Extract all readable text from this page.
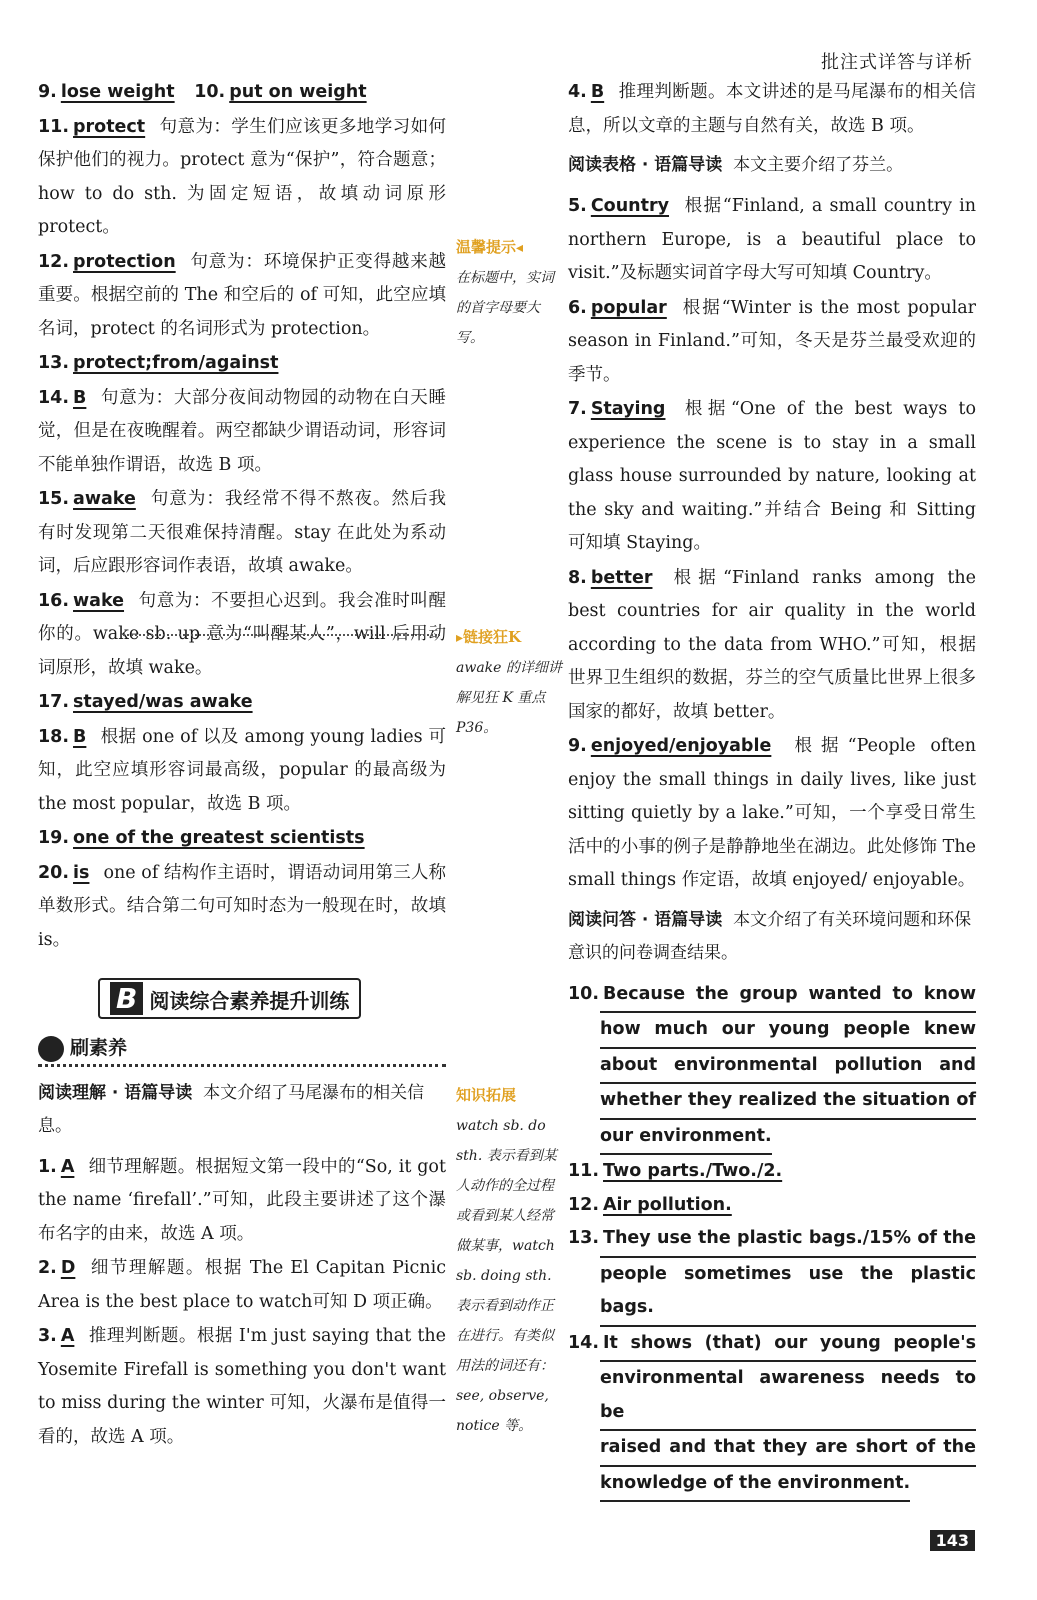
批注式详答与详析
9. lose weight 10. put on weight
11. protect 句意为：学生们应该更多地学习如何保护他们的视力。protect 意为“保护”，符合题意；how to do sth. 为固定短语，故填动词原形 protect。
12. protection 句意为：环境保护正变得越来越重要。根据空前的 The 和空后的 of 可知，此空应填名词，protect 的名词形式为 protection。
13. protect;from/against
14. B 句意为：大部分夜间动物园的动物在白天睡觉，但是在夜晚醒着。两空都缺少谓语动词，形容词不能单独作谓语，故选 B 项。
15. awake 句意为：我经常不得不熬夜。然后我有时发现第二天很难保持清醒。stay 在此处为系动词，后应跟形容词作表语，故填 awake。
16. wake 句意为：不要担心迟到。我会准时叫醒你的。wake sb. up 意为“叫醒某人”，will 后用动词原形，故填 wake。
17. stayed/was awake
18. B 根据 one of 以及 among young ladies 可知，此空应填形容词最高级，popular 的最高级为 the most popular，故选 B 项。
19. one of the greatest scientists
20. is one of 结构作主语时，谓语动词用第三人称单数形式。结合第二句可知时态为一般现在时，故填 is。
B 阅读综合素养提升训练
刷素养
阅读理解 · 语篇导读 本文介绍了马尾瀑布的相关信息。
1. A 细节理解题。根据短文第一段中的“So, it got the name ‘firefall’.”可知，此段主要讲述了这个瀑布名字的由来，故选 A 项。
2. D 细节理解题。根据 The El Capitan Picnic Area is the best place to watch可知 D 项正确。
3. A 推理判断题。根据 I'm just saying that the Yosemite Firefall is something you don't want to miss during the winter 可知，火瀑布是值得一看的，故选 A 项。
温馨提示◂
在标题中，实词的首字母要大写。
▸链接狂K
awake 的详细讲解见狂 K 重点 P36。
知识拓展
watch sb. do sth. 表示看到某人动作的全过程或看到某人经常做某事，watch sb. doing sth. 表示看到动作正在进行。有类似用法的词还有：see, observe, notice 等。
4. B 推理判断题。本文讲述的是马尾瀑布的相关信息，所以文章的主题与自然有关，故选 B 项。
阅读表格 · 语篇导读 本文主要介绍了芬兰。
5. Country 根据“Finland, a small country in northern Europe, is a beautiful place to visit.”及标题实词首字母大写可知填 Country。
6. popular 根据“Winter is the most popular season in Finland.”可知，冬天是芬兰最受欢迎的季节。
7. Staying 根据“One of the best ways to experience the scene is to stay in a small glass house surrounded by nature, looking at the sky and waiting.”并结合 Being 和 Sitting 可知填 Staying。
8. better 根据“Finland ranks among the best countries for air quality in the world according to the data from WHO.”可知，根据世界卫生组织的数据，芬兰的空气质量比世界上很多国家的都好，故填 better。
9. enjoyed/enjoyable 根据“People often enjoy the small things in daily lives, like just sitting quietly by a lake.”可知，一个享受日常生活中的小事的例子是静静地坐在湖边。此处修饰 The small things 作定语，故填 enjoyed/ enjoyable。
阅读问答 · 语篇导读 本文介绍了有关环境问题和环保意识的问卷调查结果。
10. Because the group wanted to know
how much our young people knew
about environmental pollution and
whether they realized the situation of
our environment.
11. Two parts./Two./2.
12. Air pollution.
13. They use the plastic bags./15% of the
people sometimes use the plastic bags.
14. It shows (that) our young people's
environmental awareness needs to be
raised and that they are short of the
knowledge of the environment.
143
